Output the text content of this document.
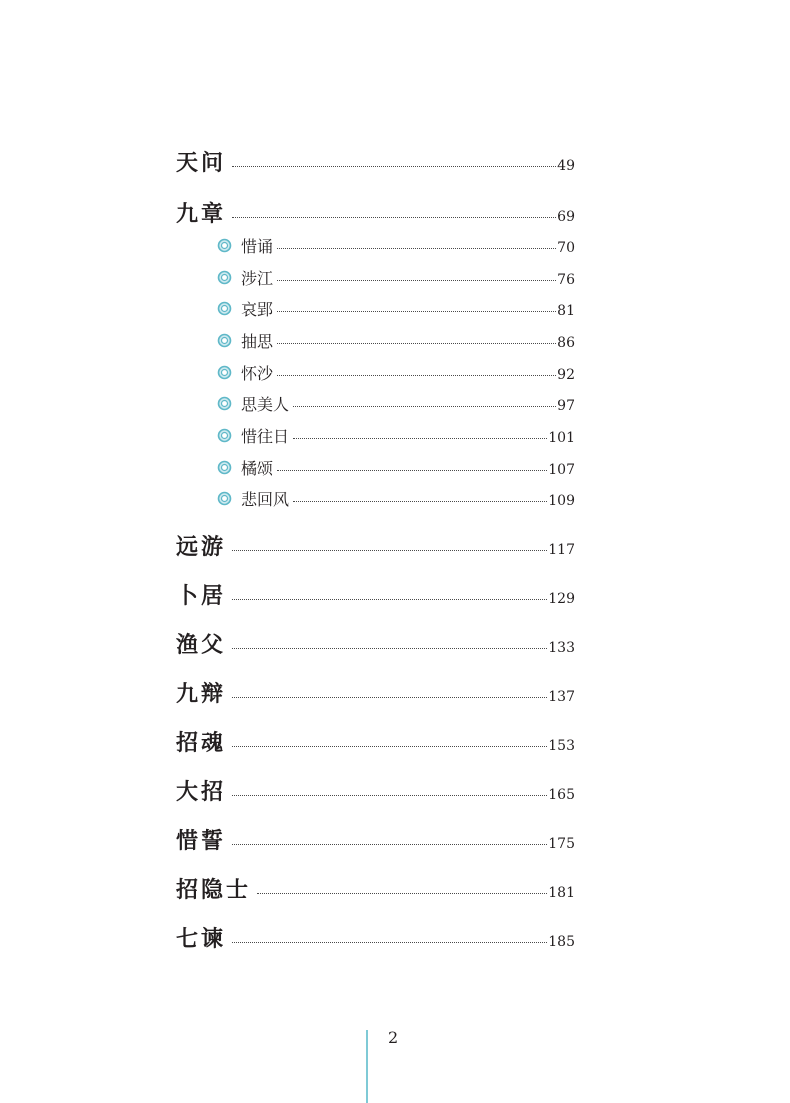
天问	49
九章	69
惜诵	70
涉江	76
哀郢	81
抽思	86
怀沙	92
思美人	97
惜往日	101
橘颂	107
悲回风	109
远游	117
卜居	129
渔父	133
九辩	137
招魂	153
大招	165
惜誓	175
招隐士	181
七谏	185
2
